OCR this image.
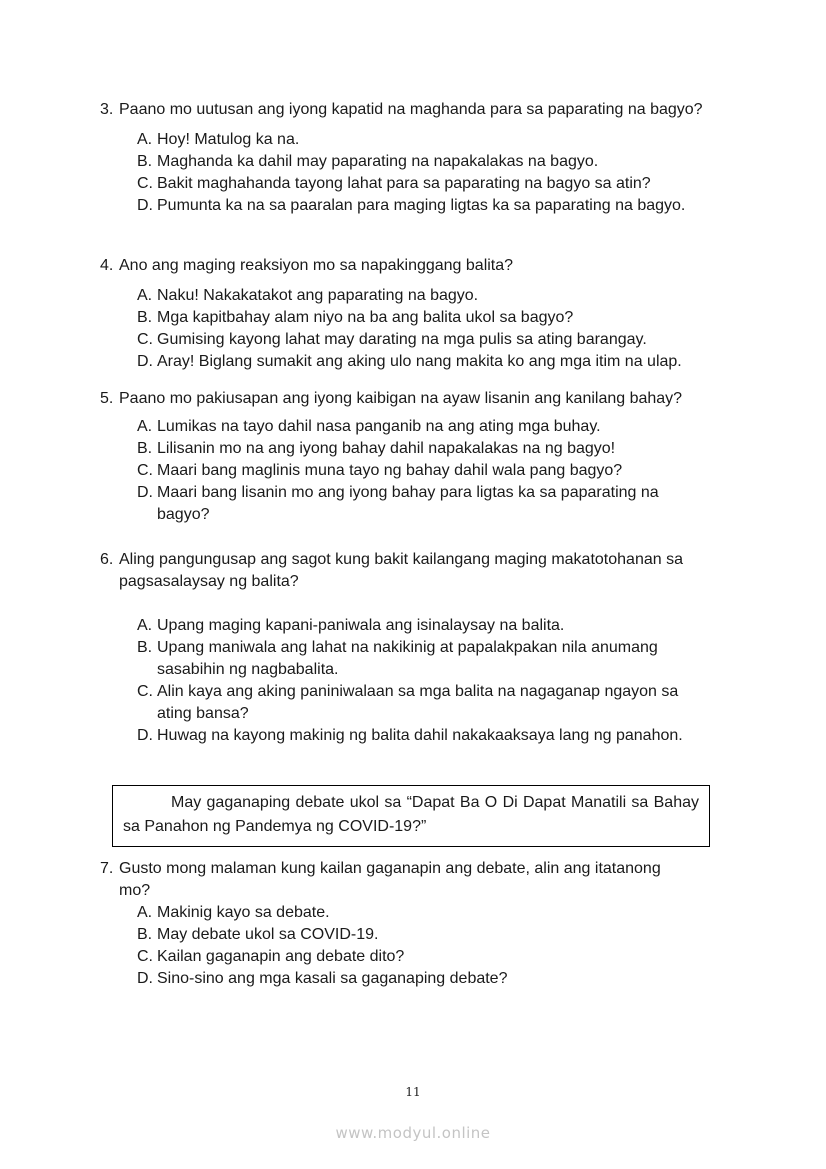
3. Paano mo uutusan ang iyong kapatid na maghanda para sa paparating na bagyo?
A. Hoy! Matulog ka na.
B. Maghanda ka dahil may paparating na napakalakas na bagyo.
C. Bakit maghahanda tayong lahat para sa paparating na bagyo sa atin?
D. Pumunta ka na sa paaralan para maging ligtas ka sa paparating na bagyo.
4. Ano ang maging reaksiyon mo sa napakinggang balita?
A. Naku! Nakakatakot ang paparating na bagyo.
B. Mga kapitbahay alam niyo na ba ang balita ukol sa bagyo?
C. Gumising kayong lahat may darating na mga pulis sa ating barangay.
D. Aray! Biglang sumakit ang aking ulo nang makita ko ang mga itim na ulap.
5. Paano mo pakiusapan ang iyong kaibigan na ayaw lisanin ang kanilang bahay?
A. Lumikas na tayo dahil nasa panganib na ang ating mga buhay.
B. Lilisanin mo na ang iyong bahay dahil napakalakas na ng bagyo!
C. Maari bang maglinis muna tayo ng bahay dahil wala pang bagyo?
D. Maari bang lisanin mo ang iyong bahay para ligtas ka sa paparating na bagyo?
6. Aling pangungusap ang sagot kung bakit kailangang maging makatotohanan sa pagsasalaysay ng balita?
A. Upang maging kapani-paniwala ang isinalaysay na balita.
B. Upang maniwala ang lahat na nakikinig at papalakpakan nila anumang sasabihin ng nagbabalita.
C. Alin kaya ang aking paniniwalaan sa mga balita na nagaganap ngayon sa ating bansa?
D. Huwag na kayong makinig ng balita dahil nakakaaksaya lang ng panahon.
May gaganaping debate ukol sa “Dapat Ba O Di Dapat Manatili sa Bahay sa Panahon ng Pandemya ng COVID-19?”
7. Gusto mong malaman kung kailan gaganapin ang debate, alin ang itatanong mo?
A. Makinig kayo sa debate.
B. May debate ukol sa COVID-19.
C. Kailan gaganapin ang debate dito?
D. Sino-sino ang mga kasali sa gaganaping debate?
11
www.modyul.online
